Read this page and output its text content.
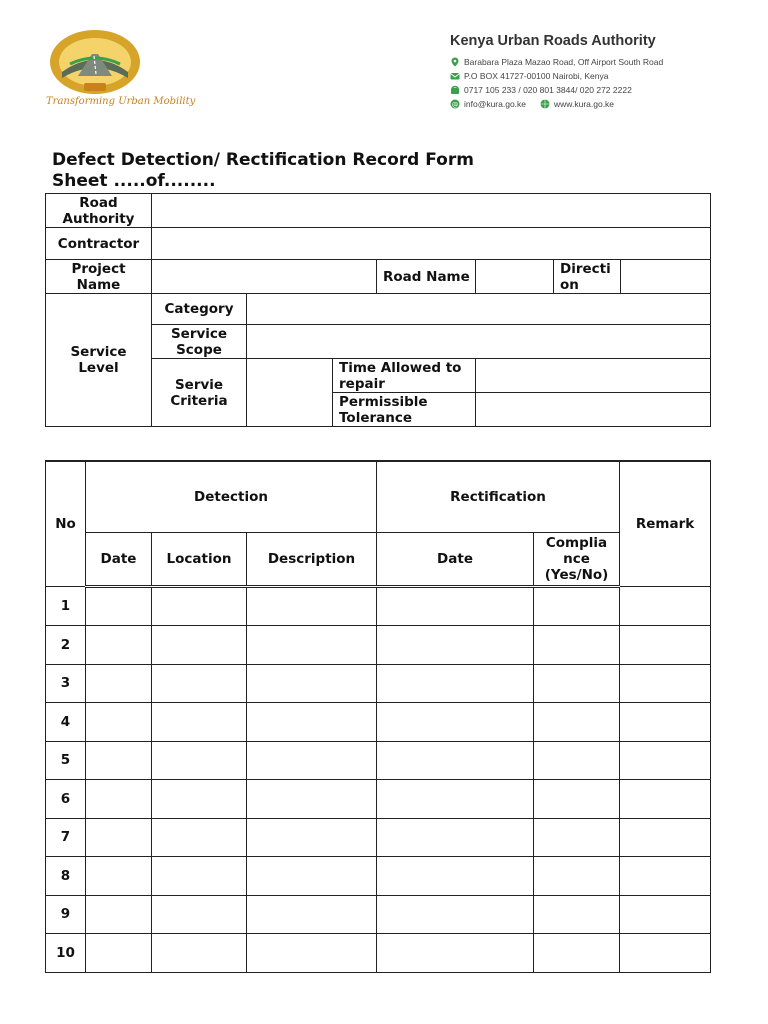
Transforming Urban Mobility
Kenya Urban Roads Authority
Barabara Plaza Mazao Road, Off Airport South Road
P.O BOX 41727-00100 Nairobi, Kenya
0717 105 233 / 020 801 3844/ 020 272 2222
@ info@kura.go.ke	www.kura.go.ke
Defect Detection/ Rectification Record Form
Sheet .....of........
Road Authority							
Contractor							
Project Name				Road Name		Directi on	
Service Level	Category						
	Service Scope						
	Servie Criteria		Time Allowed to repair				
			Permissible Tolerance				
No	Detection			Rectification		Remark
	Date	Location	Description	Date	Complia nce (Yes/No)	
1						
2						
3						
4						
5						
6						
7						
8						
9						
10						
